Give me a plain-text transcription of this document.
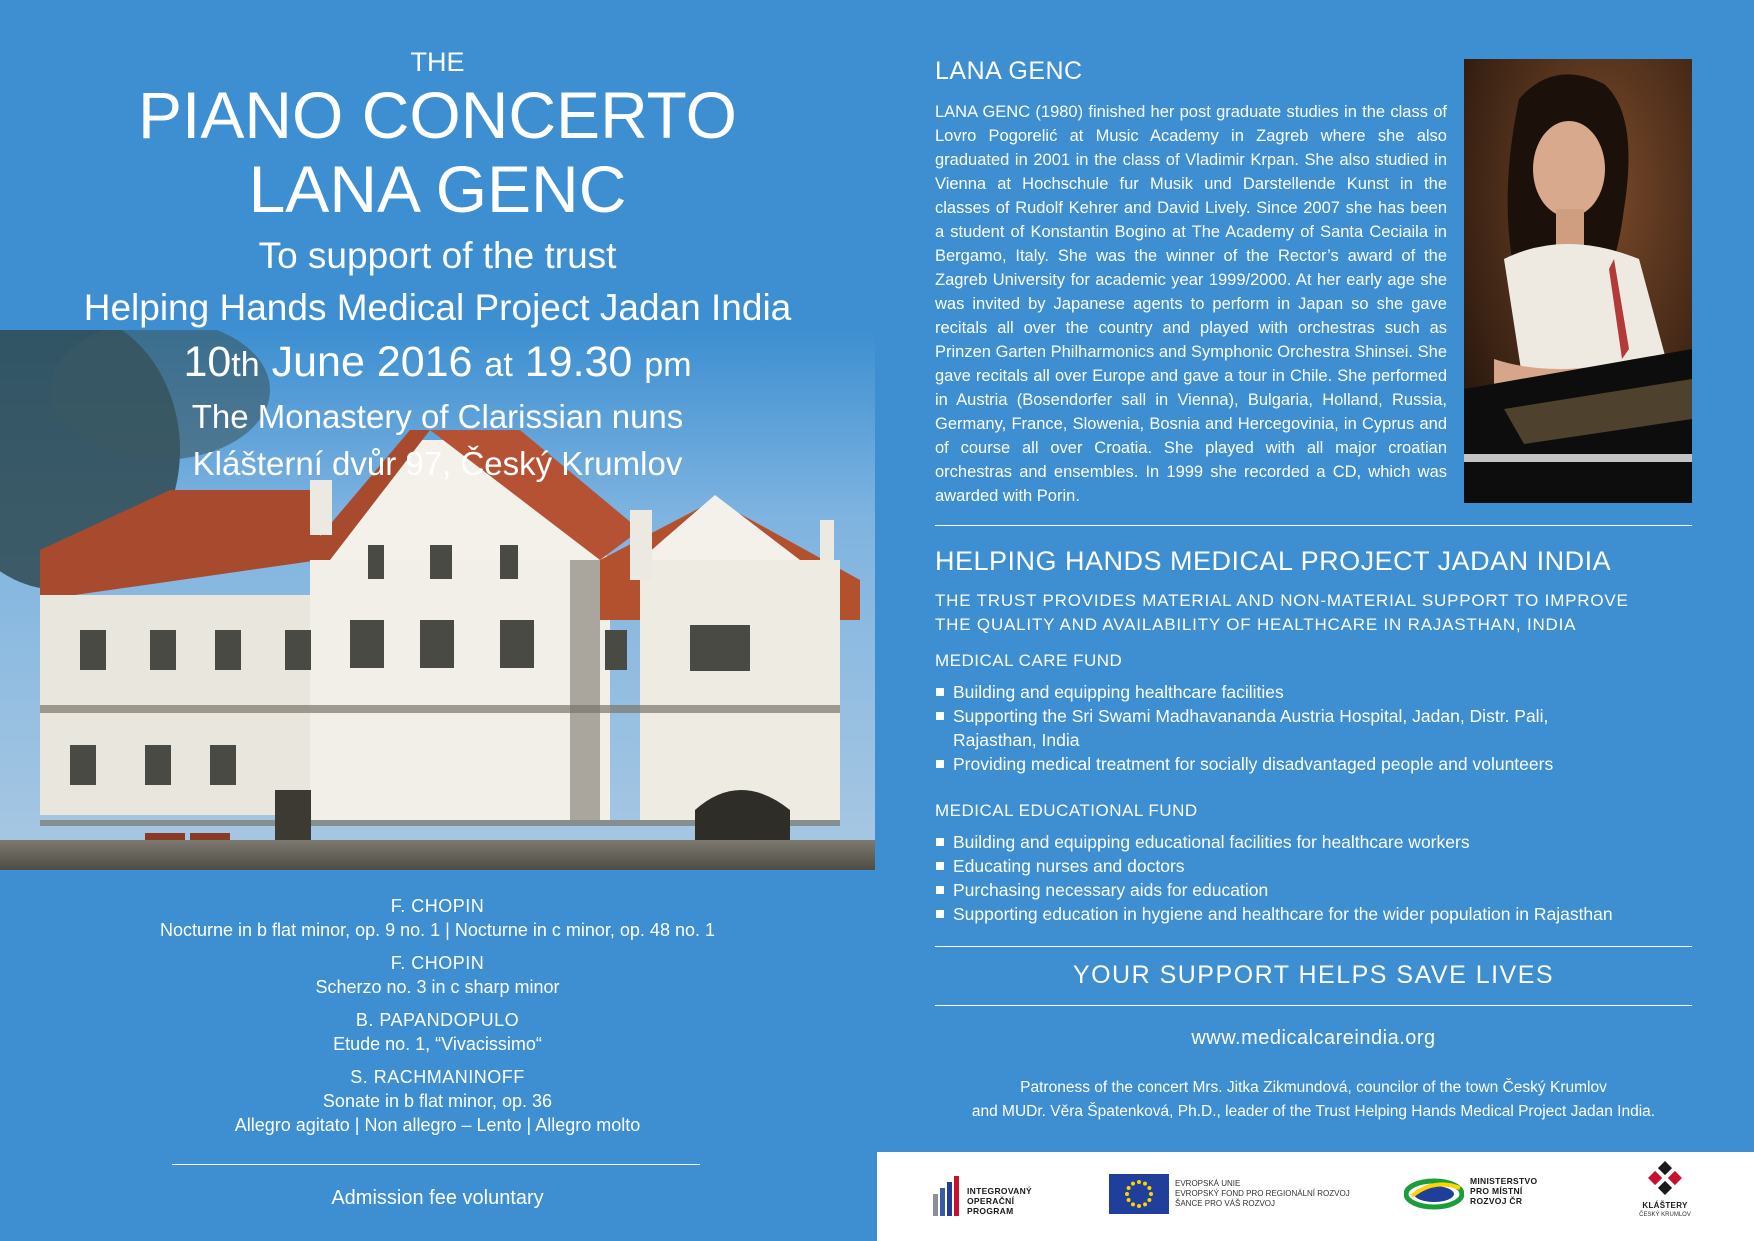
THE
PIANO CONCERTO
LANA GENC
To support of the trust
Helping Hands Medical Project Jadan India
10th June 2016 at 19.30 pm
The Monastery of Clarissian nuns
Klášterní dvůr 97, Český Krumlov
F. CHOPIN
Nocturne in b flat minor, op. 9 no. 1 | Nocturne in c minor, op. 48 no. 1
F. CHOPIN
Scherzo no. 3 in c sharp minor
B. PAPANDOPULO
Etude no. 1, “Vivacissimo“
S. RACHMANINOFF
Sonate in b flat minor, op. 36
Allegro agitato | Non allegro – Lento | Allegro molto
Admission fee voluntary
LANA GENC
LANA GENC (1980) finished her post graduate studies in the class of Lovro Pogorelić at Music Academy in Zagreb where she also graduated in 2001 in the class of Vladimir Krpan. She also studied in Vienna at Hochschule fur Musik und Darstellende Kunst in the classes of Rudolf Kehrer and David Lively. Since 2007 she has been a student of Konstantin Bogino at The Academy of Santa Ceciaila in Bergamo, Italy. She was the winner of the Rector’s award of the Zagreb University for academic year 1999/2000. At her early age she was invited by Japanese agents to perform in Japan so she gave recitals all over the country and played with orchestras such as Prinzen Garten Philharmonics and Symphonic Orchestra Shinsei. She gave recitals all over Europe and gave a tour in Chile. She performed in Austria (Bosendorfer sall in Vienna), Bulgaria, Holland, Russia, Germany, France, Slowenia, Bosnia and Hercegovinia, in Cyprus and of course all over Croatia. She played with all major croatian orchestras and ensembles. In 1999 she recorded a CD, which was awarded with Porin.
HELPING HANDS MEDICAL PROJECT JADAN INDIA
THE TRUST PROVIDES MATERIAL AND NON-MATERIAL SUPPORT TO IMPROVE
THE QUALITY AND AVAILABILITY OF HEALTHCARE IN RAJASTHAN, INDIA
MEDICAL CARE FUND
Building and equipping healthcare facilities
Supporting the Sri Swami Madhavananda Austria Hospital, Jadan, Distr. Pali, Rajasthan, India
Providing medical treatment for socially disadvantaged people and volunteers
MEDICAL EDUCATIONAL FUND
Building and equipping educational facilities for healthcare workers
Educating nurses and doctors
Purchasing necessary aids for education
Supporting education in hygiene and healthcare for the wider population in Rajasthan
YOUR SUPPORT HELPS SAVE LIVES
www.medicalcareindia.org
Patroness of the concert Mrs. Jitka Zikmundová, councilor of the town Český Krumlov
and MUDr. Věra Špatenková, Ph.D., leader of the Trust Helping Hands Medical Project Jadan India.
INTEGROVANÝ
OPERAČNÍ
PROGRAM
EVROPSKÁ UNIE
EVROPSKÝ FOND PRO REGIONÁLNÍ ROZVOJ
ŠANCE PRO VÁŠ ROZVOJ
MINISTERSTVO
PRO MÍSTNÍ
ROZVOJ ČR	KLÁŠTERY
ČESKÝ KRUMLOV
